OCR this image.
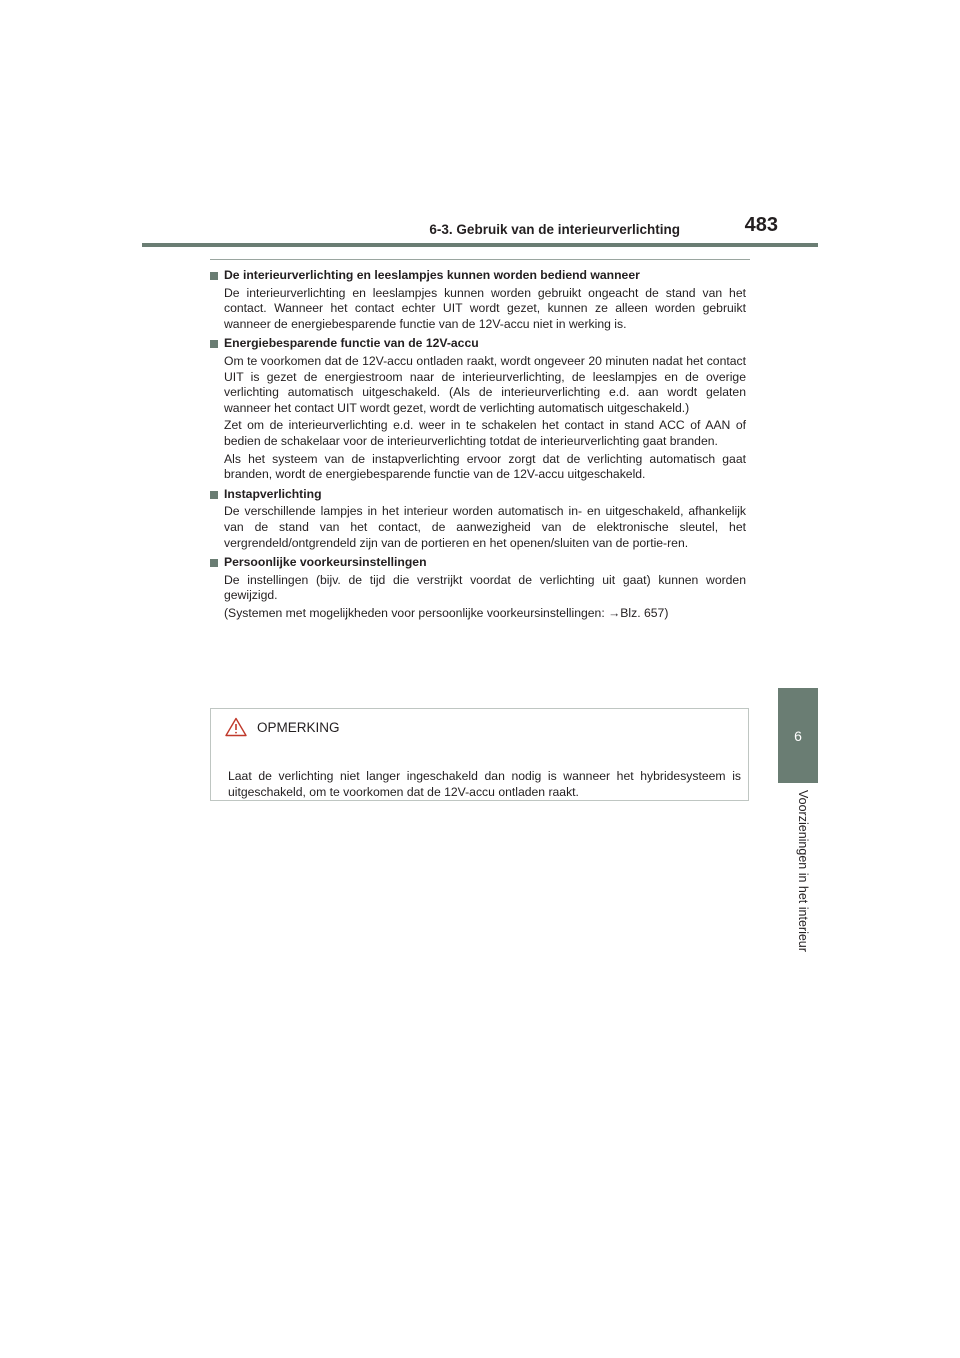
6-3. Gebruik van de interieurverlichting	483
6
Voorzieningen in het interieur
De interieurverlichting en leeslampjes kunnen worden bediend wanneer

De interieurverlichting en leeslampjes kunnen worden gebruikt ongeacht de stand van het contact. Wanneer het contact echter UIT wordt gezet, kunnen ze alleen worden gebruikt wanneer de energiebesparende functie van de 12V-accu niet in werking is.

Energiebesparende functie van de 12V-accu

Om te voorkomen dat de 12V-accu ontladen raakt, wordt ongeveer 20 minuten nadat het contact UIT is gezet de energiestroom naar de interieurverlichting, de leeslampjes en de overige verlichting automatisch uitgeschakeld. (Als de interieurverlichting e.d. aan wordt gelaten wanneer het contact UIT wordt gezet, wordt de verlichting automatisch uitgeschakeld.)

Zet om de interieurverlichting e.d. weer in te schakelen het contact in stand ACC of AAN of bedien de schakelaar voor de interieurverlichting totdat de interieurverlichting gaat branden.

Als het systeem van de instapverlichting ervoor zorgt dat de verlichting automatisch gaat branden, wordt de energiebesparende functie van de 12V-accu uitgeschakeld.

Instapverlichting

De verschillende lampjes in het interieur worden automatisch in- en uitgeschakeld, afhankelijk van de stand van het contact, de aanwezigheid van de elektronische sleutel, het vergrendeld/ontgrendeld zijn van de portieren en het openen/sluiten van de portie-ren.

Persoonlijke voorkeursinstellingen

De instellingen (bijv. de tijd die verstrijkt voordat de verlichting uit gaat) kunnen worden gewijzigd.

(Systemen met mogelijkheden voor persoonlijke voorkeursinstellingen: →Blz. 657)

OPMERKING

Laat de verlichting niet langer ingeschakeld dan nodig is wanneer het hybridesysteem is uitgeschakeld, om te voorkomen dat de 12V-accu ontladen raakt.
